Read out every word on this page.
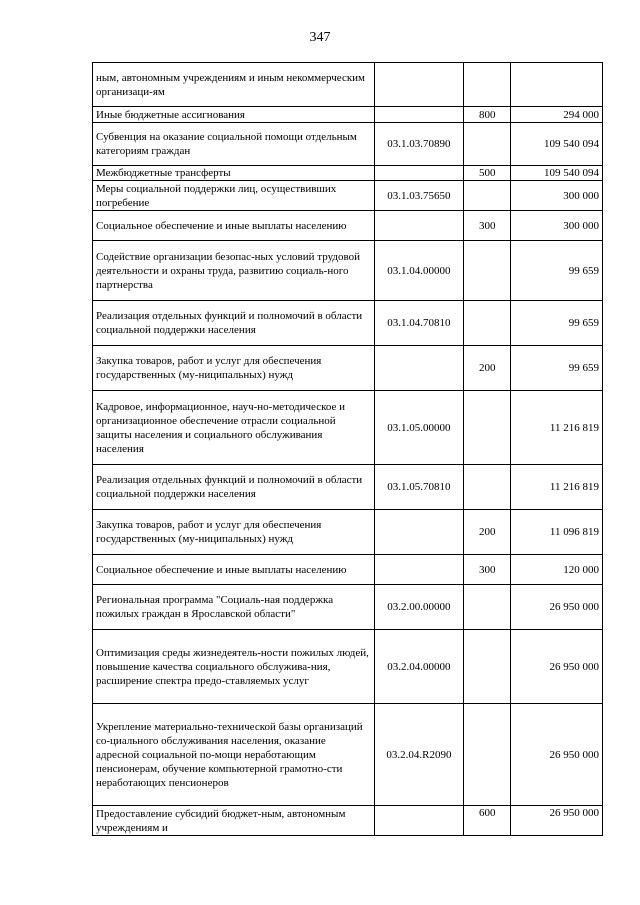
347
ным, автономным учреждениям и иным некоммерческим организаци-ям			
Иные бюджетные ассигнования		800	294 000
Субвенция на оказание социальной помощи отдельным категориям граждан	03.1.03.70890		109 540 094
Межбюджетные трансферты		500	109 540 094
Меры социальной поддержки лиц, осуществивших погребение	03.1.03.75650		300 000
Социальное обеспечение и иные выплаты населению		300	300 000
Содействие организации безопас-ных условий трудовой деятельности и охраны труда, развитию социаль-ного партнерства	03.1.04.00000		99 659
Реализация отдельных функций и полномочий в области социальной поддержки населения	03.1.04.70810		99 659
Закупка товаров, работ и услуг для обеспечения государственных (му-ниципальных) нужд		200	99 659
Кадровое, информационное, науч-но-методическое и организационное обеспечение отрасли социальной защиты населения и социального обслуживания населения	03.1.05.00000		11 216 819
Реализация отдельных функций и полномочий в области социальной поддержки населения	03.1.05.70810		11 216 819
Закупка товаров, работ и услуг для обеспечения государственных (му-ниципальных) нужд		200	11 096 819
Социальное обеспечение и иные выплаты населению		300	120 000
Региональная программа "Социаль-ная поддержка пожилых граждан в Ярославской области"	03.2.00.00000		26 950 000
Оптимизация среды жизнедеятель-ности пожилых людей, повышение качества социального обслужива-ния, расширение спектра предо-ставляемых услуг	03.2.04.00000		26 950 000
Укрепление материально-технической базы организаций со-циального обслуживания населения, оказание адресной социальной по-мощи неработающим пенсионерам, обучение компьютерной грамотно-сти неработающих пенсионеров	03.2.04.R2090		26 950 000
Предоставление субсидий бюджет-ным, автономным учреждениям и		600	26 950 000
